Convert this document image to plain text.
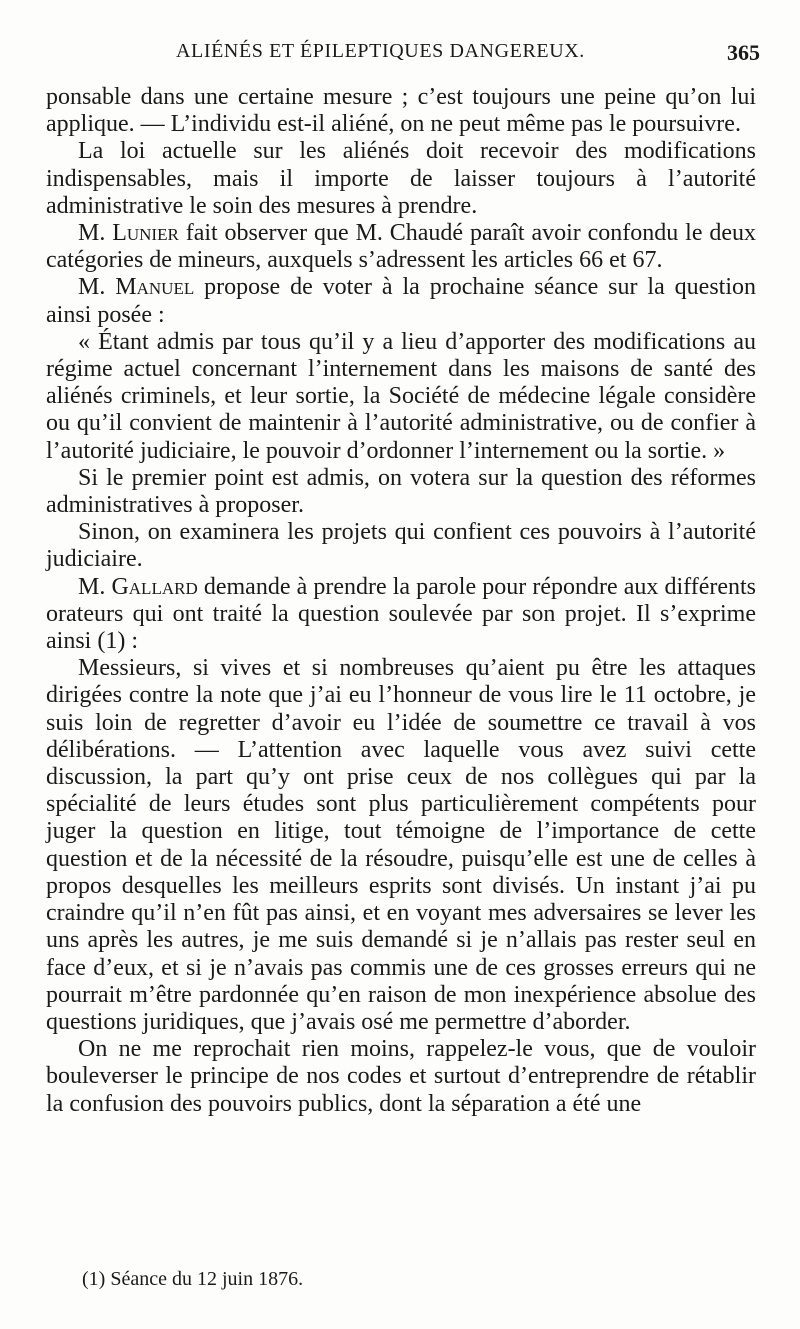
ALIÉNÉS ET ÉPILEPTIQUES DANGEREUX.	365

ponsable dans une certaine mesure ; c’est toujours une peine qu’on lui applique. — L’individu est-il aliéné, on ne peut même pas le poursuivre.

La loi actuelle sur les aliénés doit recevoir des modifications indispensables, mais il importe de laisser toujours à l’autorité administrative le soin des mesures à prendre.

M. Lunier fait observer que M. Chaudé paraît avoir confondu le deux catégories de mineurs, auxquels s’adressent les articles 66 et 67.

M. Manuel propose de voter à la prochaine séance sur la question ainsi posée :

« Étant admis par tous qu’il y a lieu d’apporter des modifications au régime actuel concernant l’internement dans les maisons de santé des aliénés criminels, et leur sortie, la Société de médecine légale considère ou qu’il convient de maintenir à l’autorité administrative, ou de confier à l’autorité judiciaire, le pouvoir d’ordonner l’internement ou la sortie. »

Si le premier point est admis, on votera sur la question des réformes administratives à proposer.

Sinon, on examinera les projets qui confient ces pouvoirs à l’autorité judiciaire.

M. Gallard demande à prendre la parole pour répondre aux différents orateurs qui ont traité la question soulevée par son projet. Il s’exprime ainsi (1) :

Messieurs, si vives et si nombreuses qu’aient pu être les attaques dirigées contre la note que j’ai eu l’honneur de vous lire le 11 octobre, je suis loin de regretter d’avoir eu l’idée de soumettre ce travail à vos délibérations. — L’attention avec laquelle vous avez suivi cette discussion, la part qu’y ont prise ceux de nos collègues qui par la spécialité de leurs études sont plus particulièrement compétents pour juger la question en litige, tout témoigne de l’importance de cette question et de la nécessité de la résoudre, puisqu’elle est une de celles à propos desquelles les meilleurs esprits sont divisés. Un instant j’ai pu craindre qu’il n’en fût pas ainsi, et en voyant mes adversaires se lever les uns après les autres, je me suis demandé si je n’allais pas rester seul en face d’eux, et si je n’avais pas commis une de ces grosses erreurs qui ne pourrait m’être pardonnée qu’en raison de mon inexpérience absolue des questions juridiques, que j’avais osé me permettre d’aborder.

On ne me reprochait rien moins, rappelez-le vous, que de vouloir bouleverser le principe de nos codes et surtout d’entreprendre de rétablir la confusion des pouvoirs publics, dont la séparation a été une

(1) Séance du 12 juin 1876.
